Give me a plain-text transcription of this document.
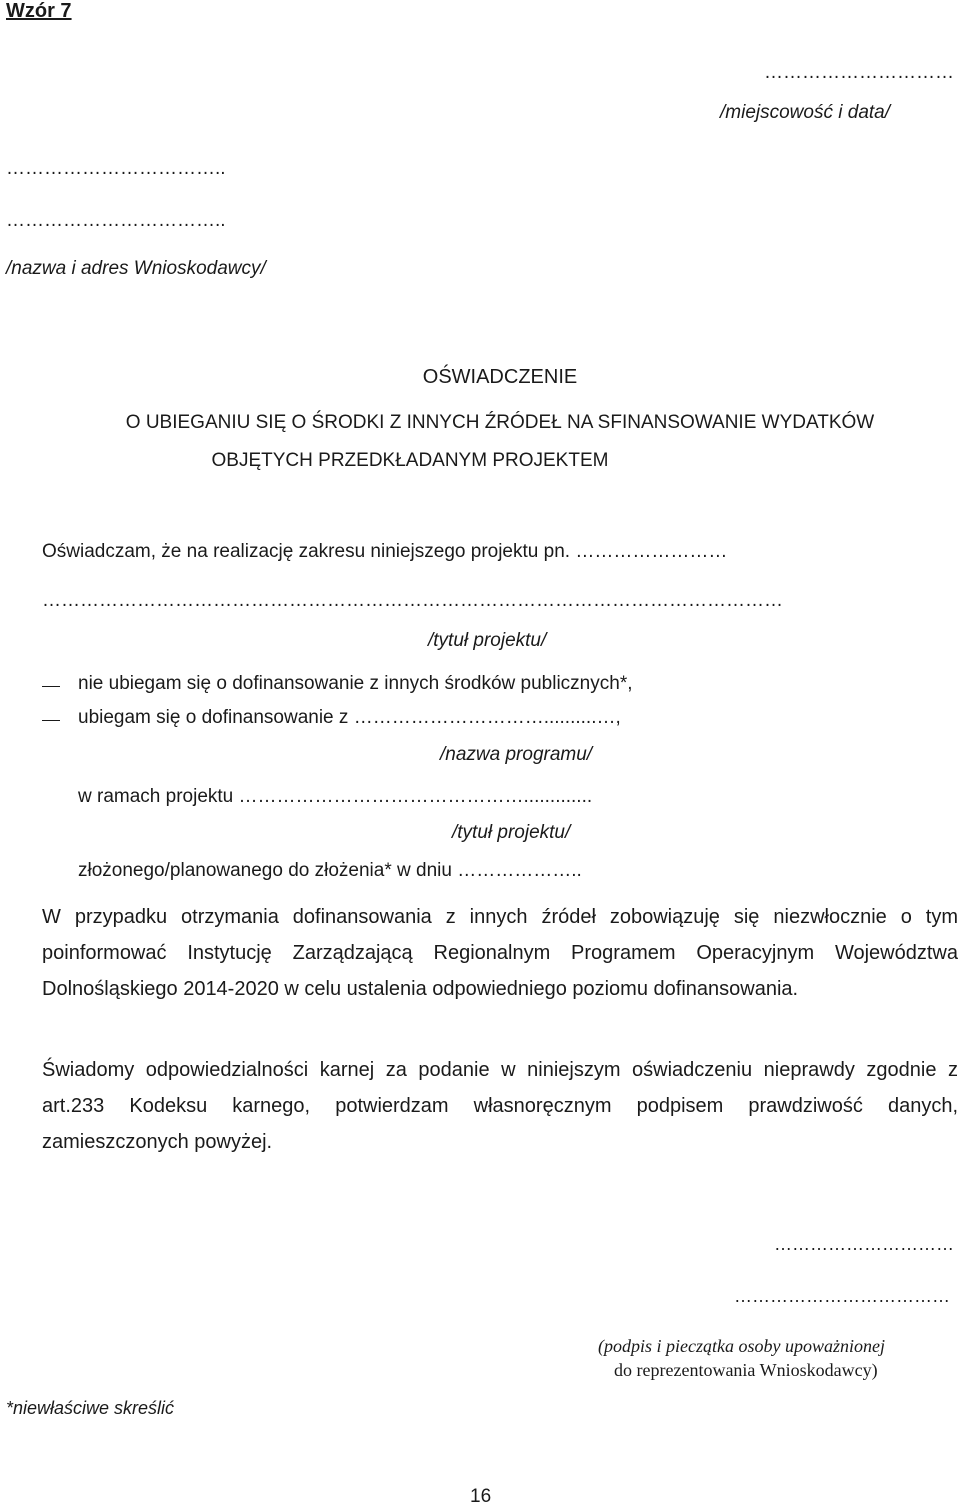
Wzór 7
…………………………
/miejscowość i data/
……………………………..
……………………………..
/nazwa i adres Wnioskodawcy/
OŚWIADCZENIE
O UBIEGANIU SIĘ O ŚRODKI Z INNYCH ŹRÓDEŁ NA SFINANSOWANIE WYDATKÓW
OBJĘTYCH PRZEDKŁADANYM PROJEKTEM
Oświadczam, że na realizację zakresu niniejszego projektu pn. ……………………
………………………………………………………………………………………………………
/tytuł projektu/
nie ubiegam się o dofinansowanie z innych środków publicznych*,
ubiegam się o dofinansowanie z …………………………..........…,
/nazwa programu/
w ramach projektu ……………………………………….............
/tytuł projektu/
złożonego/planowanego do złożenia* w dniu ………………..
W przypadku otrzymania dofinansowania z innych źródeł zobowiązuję się niezwłocznie o tym poinformować Instytucję Zarządzającą Regionalnym Programem Operacyjnym Województwa Dolnośląskiego 2014-2020 w celu ustalenia odpowiedniego poziomu dofinansowania.
Świadomy odpowiedzialności karnej za podanie w niniejszym oświadczeniu nieprawdy zgodnie z art.233 Kodeksu karnego, potwierdzam własnoręcznym podpisem prawdziwość danych, zamieszczonych powyżej.
…………………………
………………………………
(podpis i pieczątka osoby upoważnionej
do reprezentowania Wnioskodawcy)
*niewłaściwe skreślić
16
